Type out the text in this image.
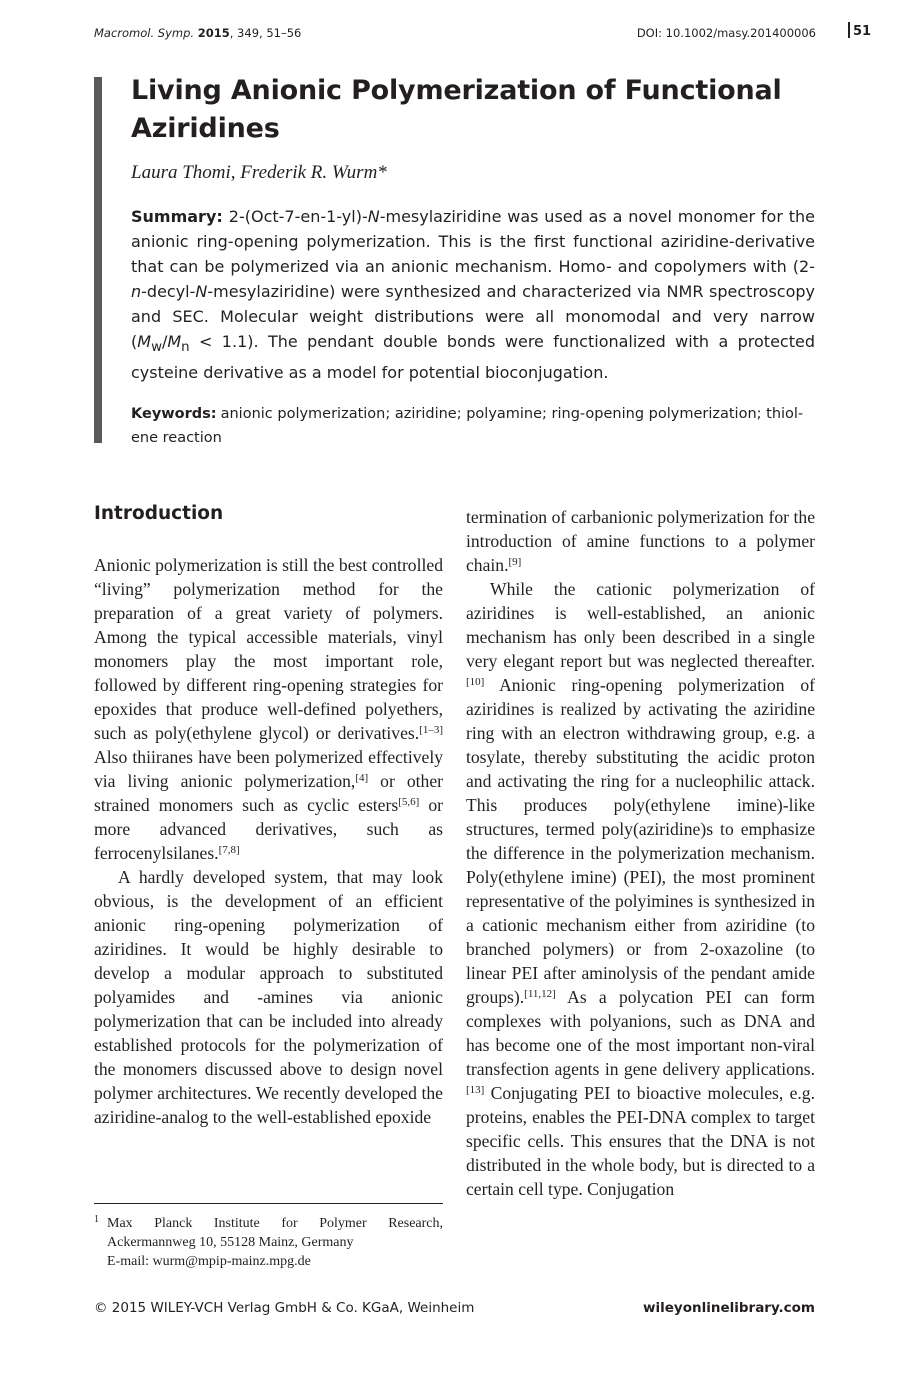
Macromol. Symp. 2015, 349, 51–56	DOI: 10.1002/masy.201400006	51
Living Anionic Polymerization of Functional Aziridines

Laura Thomi, Frederik R. Wurm*

Summary: 2-(Oct-7-en-1-yl)-N-mesylaziridine was used as a novel monomer for the anionic ring-opening polymerization. This is the first functional aziridine-derivative that can be polymerized via an anionic mechanism. Homo- and copolymers with (2-n-decyl-N-mesylaziridine) were synthesized and characterized via NMR spectroscopy and SEC. Molecular weight distributions were all monomodal and very narrow $(M_w/M_n < 1.1)$. The pendant double bonds were functionalized with a protected cysteine derivative as a model for potential bioconjugation.

Keywords: anionic polymerization; aziridine; polyamine; ring-opening polymerization; thiol-ene reaction

Introduction

Anionic polymerization is still the best controlled “living” polymerization method for the preparation of a great variety of polymers. Among the typical accessible materials, vinyl monomers play the most important role, followed by different ring-opening strategies for epoxides that produce well-defined polyethers, such as poly(ethylene glycol) or derivatives.[1–3] Also thiiranes have been polymerized effectively via living anionic polymerization,[4] or other strained monomers such as cyclic esters[5,6] or more advanced derivatives, such as ferrocenylsilanes.[7,8]

A hardly developed system, that may look obvious, is the development of an efficient anionic ring-opening polymerization of aziridines. It would be highly desirable to develop a modular approach to substituted polyamides and -amines via anionic polymerization that can be included into already established protocols for the polymerization of the monomers discussed above to design novel polymer architectures. We recently developed the aziridine-analog to the well-established epoxide

termination of carbanionic polymerization for the introduction of amine functions to a polymer chain.[9]

While the cationic polymerization of aziridines is well-established, an anionic mechanism has only been described in a single very elegant report but was neglected thereafter.[10] Anionic ring-opening polymerization of aziridines is realized by activating the aziridine ring with an electron withdrawing group, e.g. a tosylate, thereby substituting the acidic proton and activating the ring for a nucleophilic attack. This produces poly(ethylene imine)-like structures, termed poly(aziridine)s to emphasize the difference in the polymerization mechanism. Poly(ethylene imine) (PEI), the most prominent representative of the polyimines is synthesized in a cationic mechanism either from aziridine (to branched polymers) or from 2-oxazoline (to linear PEI after aminolysis of the pendant amide groups).[11,12] As a polycation PEI can form complexes with polyanions, such as DNA and has become one of the most important non-viral transfection agents in gene delivery applications.[13] Conjugating PEI to bioactive molecules, e.g. proteins, enables the PEI-DNA complex to target specific cells. This ensures that the DNA is not distributed in the whole body, but is directed to a certain cell type. Conjugation

1 Max Planck Institute for Polymer Research, Ackermannweg 10, 55128 Mainz, Germany

E-mail: wurm@mpip-mainz.mpg.de

© 2015 WILEY-VCH Verlag GmbH & Co. KGaA, Weinheim	wileyonlinelibrary.com
